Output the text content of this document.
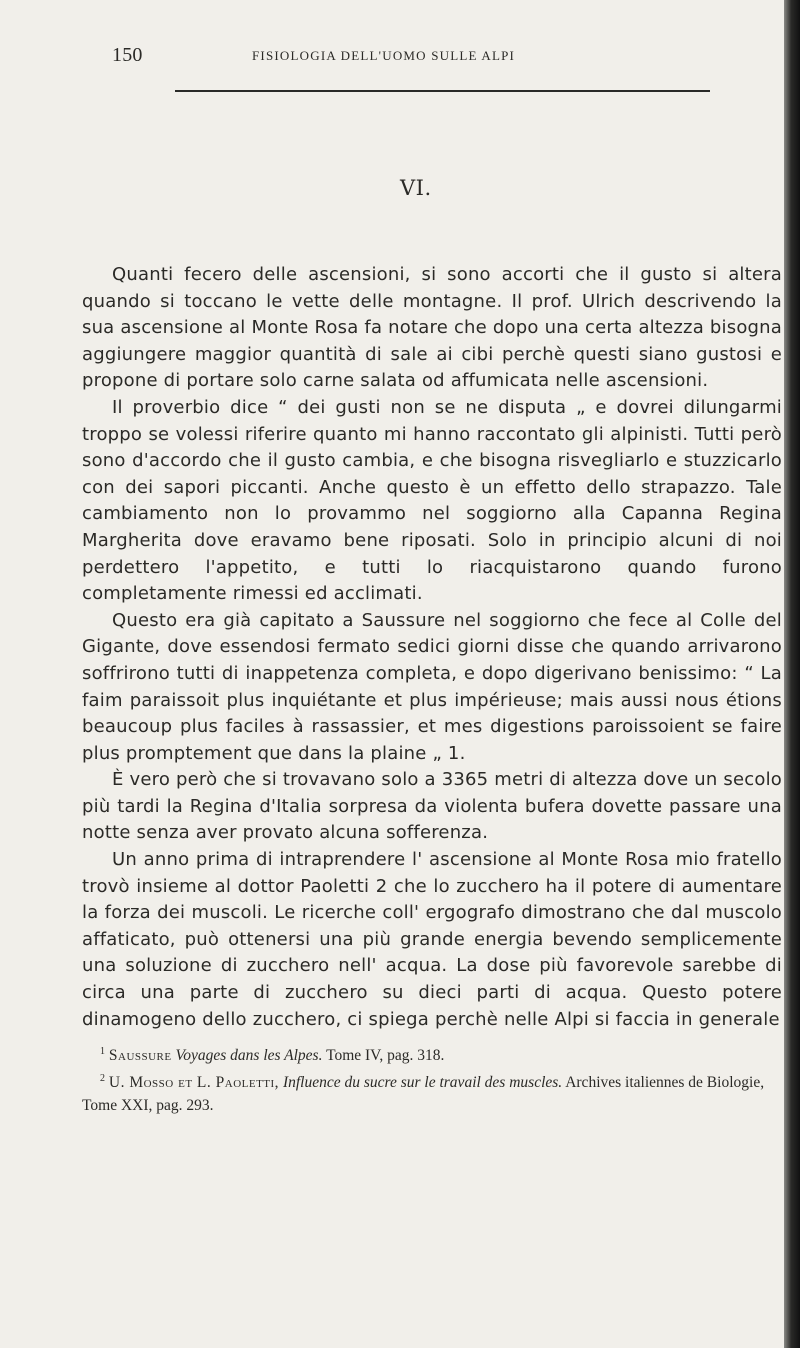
150	FISIOLOGIA DELL'UOMO SULLE ALPI
VI.

Quanti fecero delle ascensioni, si sono accorti che il gusto si altera quando si toccano le vette delle montagne. Il prof. Ulrich descrivendo la sua ascensione al Monte Rosa fa notare che dopo una certa altezza bisogna aggiungere maggior quantità di sale ai cibi perchè questi siano gustosi e propone di portare solo carne salata od affumicata nelle ascensioni.

Il proverbio dice “ dei gusti non se ne disputa „ e dovrei dilungarmi troppo se volessi riferire quanto mi hanno raccontato gli alpinisti. Tutti però sono d'accordo che il gusto cambia, e che bisogna risvegliarlo e stuzzicarlo con dei sapori piccanti. Anche questo è un effetto dello strapazzo. Tale cambiamento non lo provammo nel soggiorno alla Capanna Regina Margherita dove eravamo bene riposati. Solo in principio alcuni di noi perdettero l'appetito, e tutti lo riacquistarono quando furono completamente rimessi ed acclimati.

Questo era già capitato a Saussure nel soggiorno che fece al Colle del Gigante, dove essendosi fermato sedici giorni disse che quando arrivarono soffrirono tutti di inappetenza completa, e dopo digerivano benissimo: “ La faim paraissoit plus inquiétante et plus impérieuse; mais aussi nous étions beaucoup plus faciles à rassassier, et mes digestions paroissoient se faire plus promptement que dans la plaine „ 1.

È vero però che si trovavano solo a 3365 metri di altezza dove un secolo più tardi la Regina d'Italia sorpresa da violenta bufera dovette passare una notte senza aver provato alcuna sofferenza.

Un anno prima di intraprendere l' ascensione al Monte Rosa mio fratello trovò insieme al dottor Paoletti 2 che lo zucchero ha il potere di aumentare la forza dei muscoli. Le ricerche coll' ergografo dimostrano che dal muscolo affaticato, può ottenersi una più grande energia bevendo semplicemente una soluzione di zucchero nell' acqua. La dose più favorevole sarebbe di circa una parte di zucchero su dieci parti di acqua. Questo potere dinamogeno dello zucchero, ci spiega perchè nelle Alpi si faccia in generale

$^1$ Saussure Voyages dans les Alpes. Tome IV, pag. 318.

$^2$ U. Mosso et L. Paoletti, Influence du sucre sur le travail des muscles. Archives italiennes de Biologie, Tome XXI, pag. 293.
